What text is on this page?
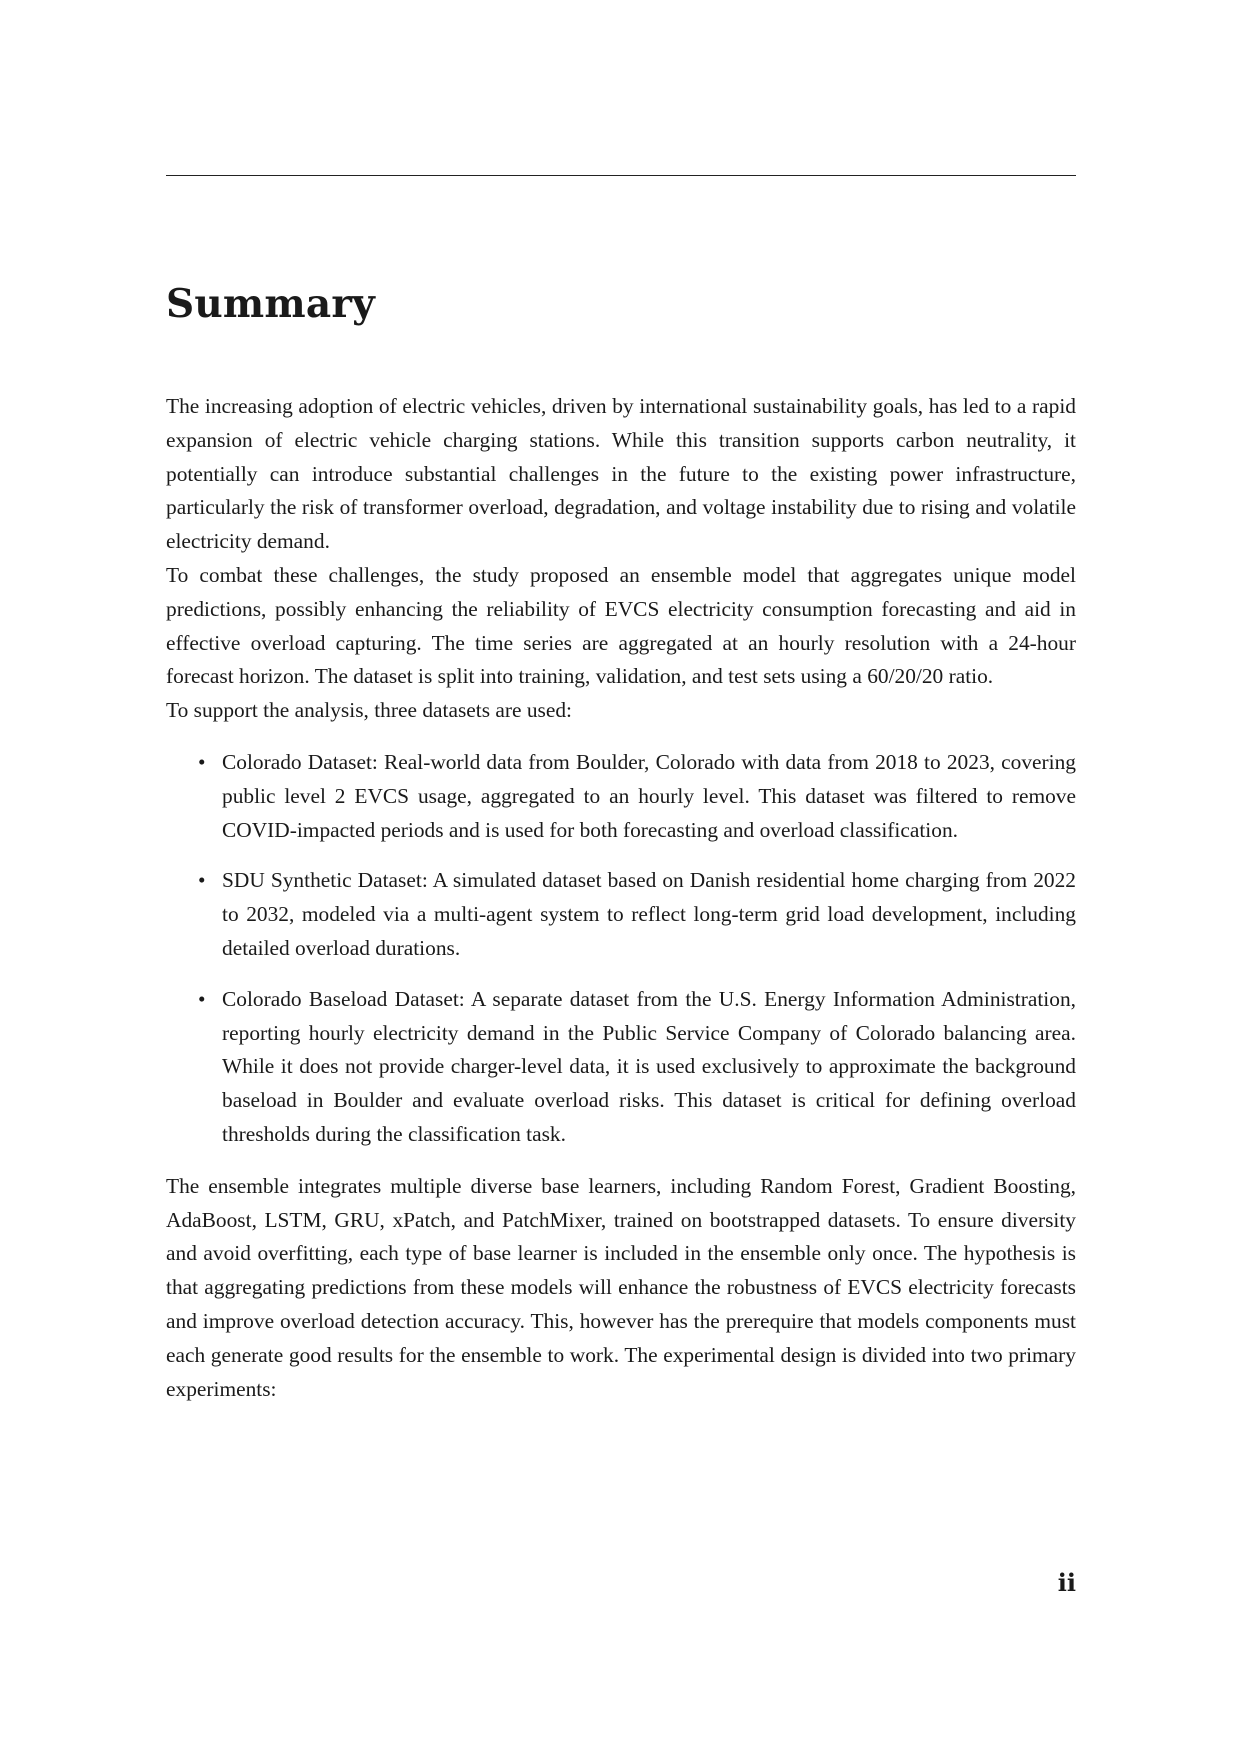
Summary

The increasing adoption of electric vehicles, driven by international sustainability goals, has led to a rapid expansion of electric vehicle charging stations. While this transition supports carbon neutrality, it potentially can introduce substantial challenges in the future to the existing power infrastructure, particularly the risk of transformer overload, degradation, and voltage instability due to rising and volatile electricity demand.

To combat these challenges, the study proposed an ensemble model that aggregates unique model predictions, possibly enhancing the reliability of EVCS electricity consumption forecasting and aid in effective overload capturing. The time series are aggregated at an hourly resolution with a 24-hour forecast horizon. The dataset is split into training, validation, and test sets using a 60/20/20 ratio.

To support the analysis, three datasets are used:

• Colorado Dataset: Real-world data from Boulder, Colorado with data from 2018 to 2023, covering public level 2 EVCS usage, aggregated to an hourly level. This dataset was filtered to remove COVID-impacted periods and is used for both forecasting and overload classification.
• SDU Synthetic Dataset: A simulated dataset based on Danish residential home charging from 2022 to 2032, modeled via a multi-agent system to reflect long-term grid load development, including detailed overload durations.
• Colorado Baseload Dataset: A separate dataset from the U.S. Energy Information Administration, reporting hourly electricity demand in the Public Service Company of Colorado balancing area. While it does not provide charger-level data, it is used exclusively to approximate the background baseload in Boulder and evaluate overload risks. This dataset is critical for defining overload thresholds during the classification task.

The ensemble integrates multiple diverse base learners, including Random Forest, Gradient Boosting, AdaBoost, LSTM, GRU, xPatch, and PatchMixer, trained on bootstrapped datasets. To ensure diversity and avoid overfitting, each type of base learner is included in the ensemble only once. The hypothesis is that aggregating predictions from these models will enhance the robustness of EVCS electricity forecasts and improve overload detection accuracy. This, however has the prerequire that models components must each generate good results for the ensemble to work. The experimental design is divided into two primary experiments:

ii
